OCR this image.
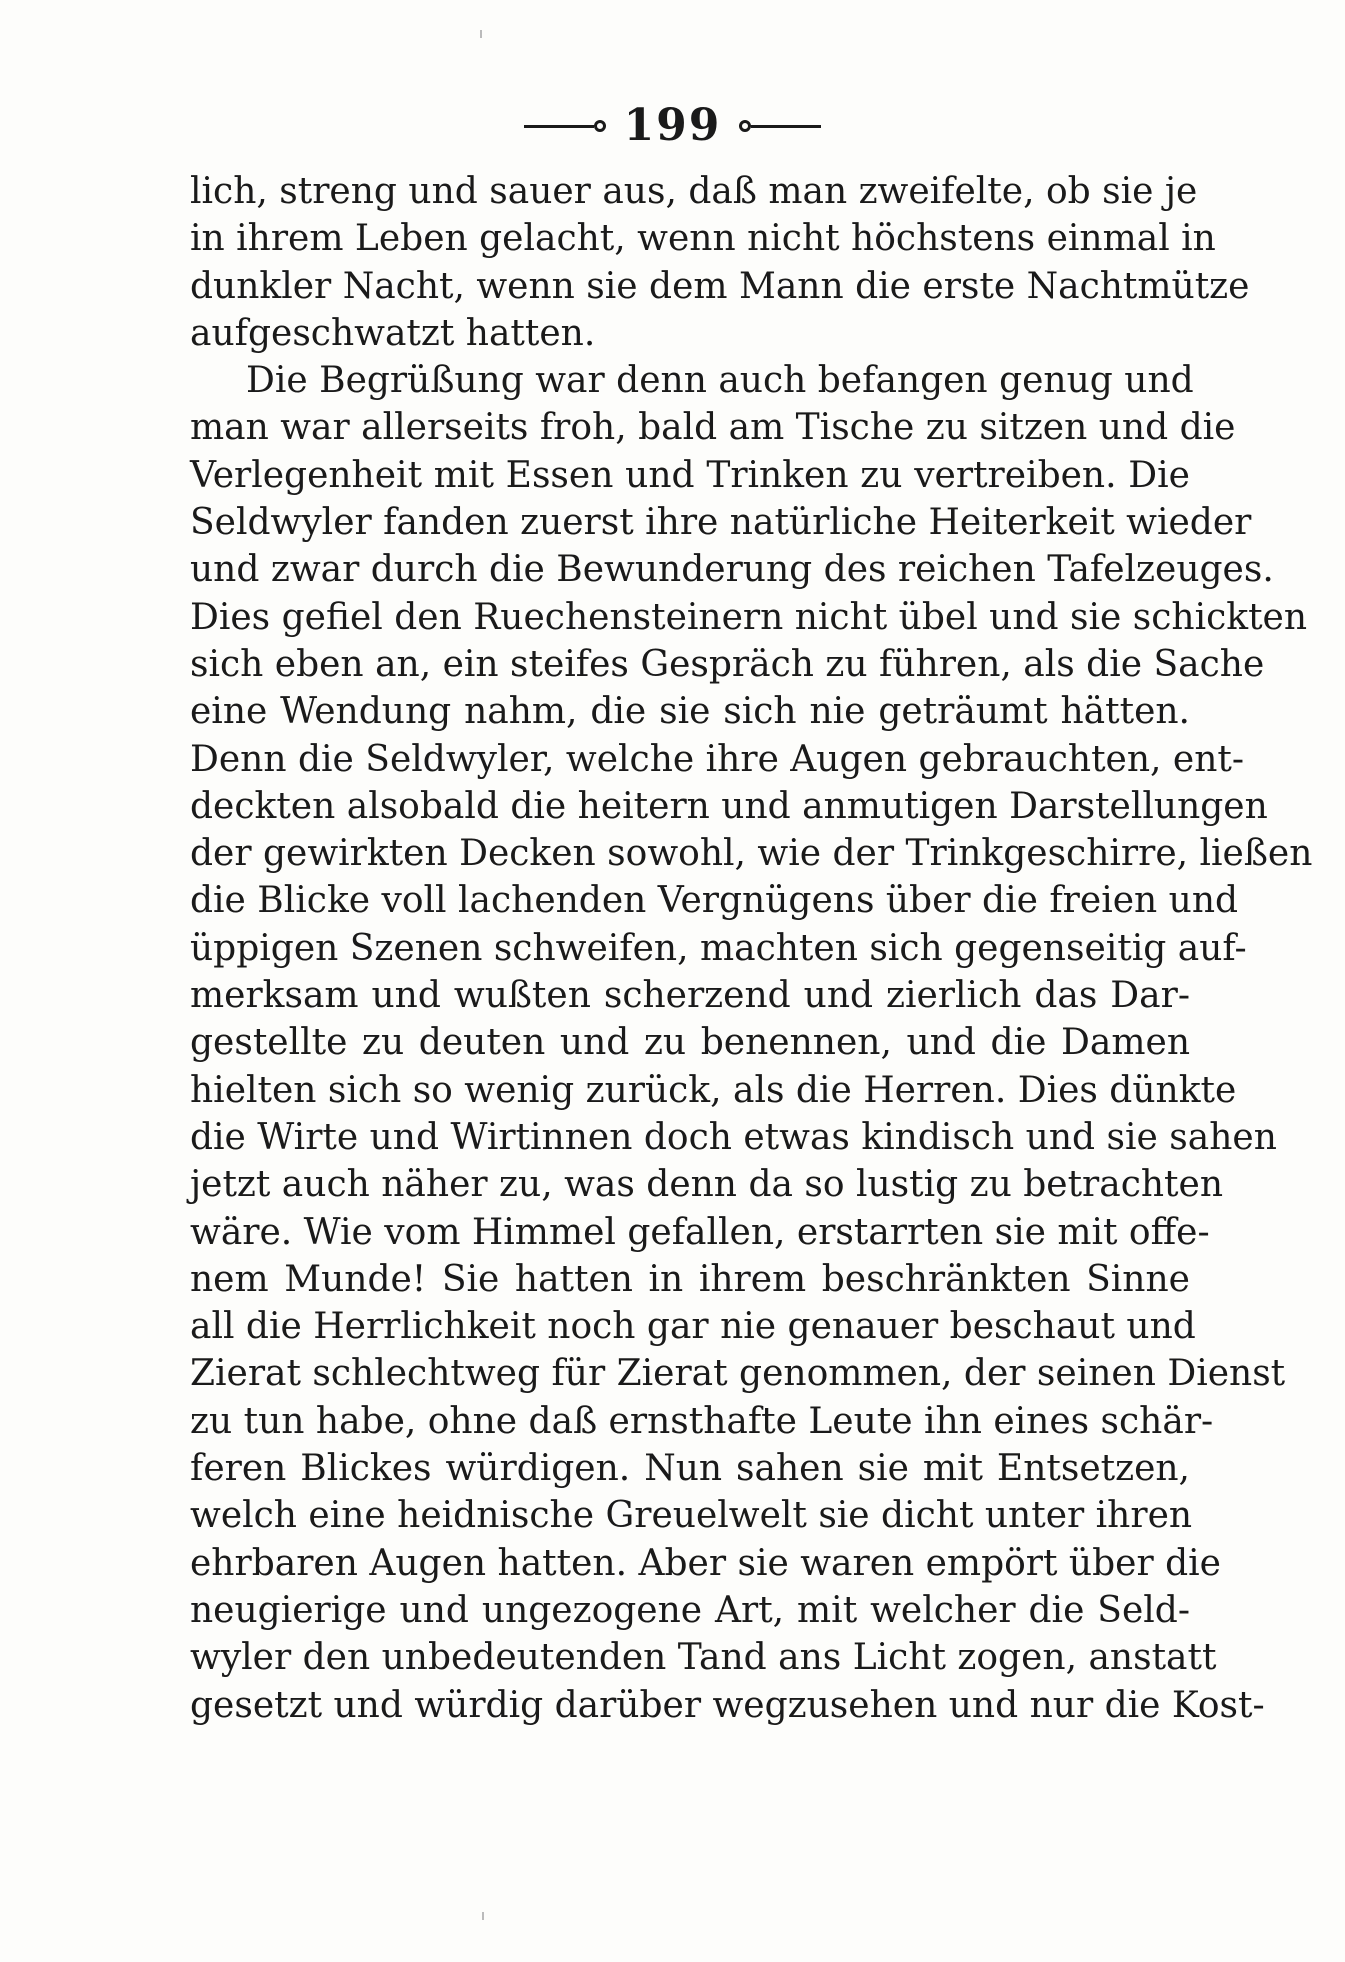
199
lich, streng und sauer aus, daß man zweifelte, ob sie je
in ihrem Leben gelacht, wenn nicht höchstens einmal in
dunkler Nacht, wenn sie dem Mann die erste Nachtmütze
aufgeschwatzt hatten.
Die Begrüßung war denn auch befangen genug und
man war allerseits froh, bald am Tische zu sitzen und die
Verlegenheit mit Essen und Trinken zu vertreiben. Die
Seldwyler fanden zuerst ihre natürliche Heiterkeit wieder
und zwar durch die Bewunderung des reichen Tafelzeuges.
Dies gefiel den Ruechensteinern nicht übel und sie schickten
sich eben an, ein steifes Gespräch zu führen, als die Sache
eine Wendung nahm, die sie sich nie geträumt hätten.
Denn die Seldwyler, welche ihre Augen gebrauchten, ent-
deckten alsobald die heitern und anmutigen Darstellungen
der gewirkten Decken sowohl, wie der Trinkgeschirre, ließen
die Blicke voll lachenden Vergnügens über die freien und
üppigen Szenen schweifen, machten sich gegenseitig auf-
merksam und wußten scherzend und zierlich das Dar-
gestellte zu deuten und zu benennen, und die Damen
hielten sich so wenig zurück, als die Herren. Dies dünkte
die Wirte und Wirtinnen doch etwas kindisch und sie sahen
jetzt auch näher zu, was denn da so lustig zu betrachten
wäre. Wie vom Himmel gefallen, erstarrten sie mit offe-
nem Munde! Sie hatten in ihrem beschränkten Sinne
all die Herrlichkeit noch gar nie genauer beschaut und
Zierat schlechtweg für Zierat genommen, der seinen Dienst
zu tun habe, ohne daß ernsthafte Leute ihn eines schär-
feren Blickes würdigen. Nun sahen sie mit Entsetzen,
welch eine heidnische Greuelwelt sie dicht unter ihren
ehrbaren Augen hatten. Aber sie waren empört über die
neugierige und ungezogene Art, mit welcher die Seld-
wyler den unbedeutenden Tand ans Licht zogen, anstatt
gesetzt und würdig darüber wegzusehen und nur die Kost-
